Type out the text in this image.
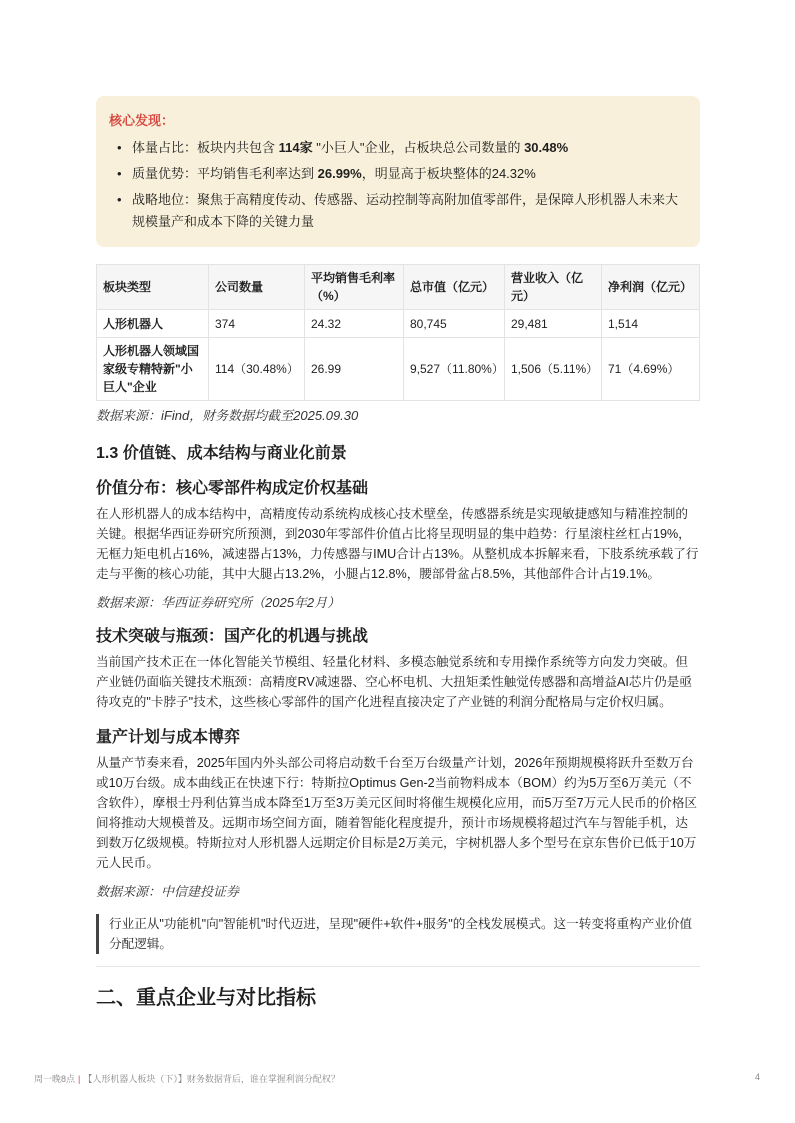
核心发现：
• 体量占比：板块内共包含 114家 "小巨人"企业，占板块总公司数量的 30.48%
• 质量优势：平均销售毛利率达到 26.99%，明显高于板块整体的24.32%
• 战略地位：聚焦于高精度传动、传感器、运动控制等高附加值零部件，是保障人形机器人未来大规模量产和成本下降的关键力量
板块类型	公司数量	平均销售毛利率（%）	总市值（亿元）	营业收入（亿元）	净利润（亿元）
人形机器人	374	24.32	80,745	29,481	1,514
人形机器人领域国家级专精特新"小巨人"企业	114（30.48%）	26.99	9,527（11.80%）	1,506（5.11%）	71（4.69%）
数据来源：iFind，财务数据均截至2025.09.30
1.3 价值链、成本结构与商业化前景
价值分布：核心零部件构成定价权基础

在人形机器人的成本结构中，高精度传动系统构成核心技术壁垒，传感器系统是实现敏捷感知与精准控制的关键。根据华西证券研究所预测，到2030年零部件价值占比将呈现明显的集中趋势：行星滚柱丝杠占19%，无框力矩电机占16%，减速器占13%，力传感器与IMU合计占13%。从整机成本拆解来看，下肢系统承载了行走与平衡的核心功能，其中大腿占13.2%，小腿占12.8%，腰部骨盆占8.5%，其他部件合计占19.1%。

数据来源：华西证券研究所（2025年2月）
技术突破与瓶颈：国产化的机遇与挑战

当前国产技术正在一体化智能关节模组、轻量化材料、多模态触觉系统和专用操作系统等方向发力突破。但产业链仍面临关键技术瓶颈：高精度RV减速器、空心杯电机、大扭矩柔性触觉传感器和高增益AI芯片仍是亟待攻克的"卡脖子"技术，这些核心零部件的国产化进程直接决定了产业链的利润分配格局与定价权归属。

量产计划与成本博弈

从量产节奏来看，2025年国内外头部公司将启动数千台至万台级量产计划，2026年预期规模将跃升至数万台或10万台级。成本曲线正在快速下行：特斯拉Optimus Gen-2当前物料成本（BOM）约为5万至6万美元（不含软件），摩根士丹利估算当成本降至1万至3万美元区间时将催生规模化应用，而5万至7万元人民币的价格区间将推动大规模普及。远期市场空间方面，随着智能化程度提升，预计市场规模将超过汽车与智能手机，达到数万亿级规模。特斯拉对人形机器人远期定价目标是2万美元，宇树机器人多个型号在京东售价已低于10万元人民币。

数据来源：中信建投证券
行业正从"功能机"向"智能机"时代迈进，呈现"硬件+软件+服务"的全栈发展模式。这一转变将重构产业价值分配逻辑。
二、重点企业与对比指标
周一晚8点 | 【人形机器人板块（下）】财务数据背后，谁在掌握利润分配权？	4
